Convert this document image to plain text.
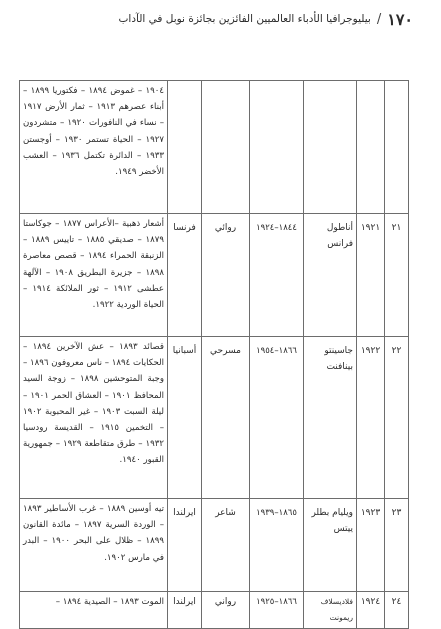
١٧٠
/
بيليوجرافيا الأدباء العالميين الفائزين بجائزة نوبل في الآداب
						١٩٠٤ – غموض ١٨٩٤ – فكتوريا ١٨٩٩ – أبناء عصرهم ١٩١٣ – ثمار الأرض ١٩١٧ – نساء في النافورات ١٩٢٠ – متشردون ١٩٢٧ – الحياة تستمر ١٩٣٠ – أوجستن ١٩٣٣ – الدائرة تكتمل ١٩٣٦ – العشب الأخضر ١٩٤٩.
٢١	١٩٢١	أناطول فرانس	١٨٤٤–١٩٢٤	روائي	فرنسا	أشعار ذهبية –الأعراس ١٨٧٧ – جوكاستا ١٨٧٩ – صديقي ١٨٨٥ – تاييس ١٨٨٩ – الزنبقة الحمراء ١٨٩٤ – قصص معاصرة ١٨٩٨ – جزيرة البطريق ١٩٠٨ – الآلهة عطشى ١٩١٢ – ثور الملائكة ١٩١٤ – الحياة الوردية ١٩٢٢.
٢٢	١٩٢٢	جاسينتو بينافنت	١٨٦٦–١٩٥٤	مسرحي	أسبانيا	قصائد ١٨٩٣ – عش الآخرين ١٨٩٤ – الحكايات ١٨٩٤ – ناس معروفون ١٨٩٦ – وجبة المتوحشين ١٨٩٨ – زوجة السيد المحافظ ١٩٠١ – العشاق الحمر ١٩٠١ – ليلة السبت ١٩٠٣ – غير المحبوبة ١٩٠٢ – التخمين ١٩١٥ – القديسة رودسيا ١٩٣٢ – طرق متقاطعة ١٩٢٩ – جمهورية القبور ١٩٤٠.
٢٣	١٩٢٣	ويليام بطلر ييتس	١٨٦٥–١٩٣٩	شاعر	ايرلندا	تيه أوسين ١٨٨٩ – غرب الأساطير ١٨٩٣ – الوردة السرية ١٨٩٧ – مائدة القانون ١٨٩٩ – ظلال على البحر ١٩٠٠ – البدر في مارس ١٩٠٢.
٢٤	١٩٢٤	فلاديسلاف ريمونت	١٨٦٦–١٩٢٥	رواني	ايرلندا	الموت ١٨٩٣ – الصيدية ١٨٩٤ –
